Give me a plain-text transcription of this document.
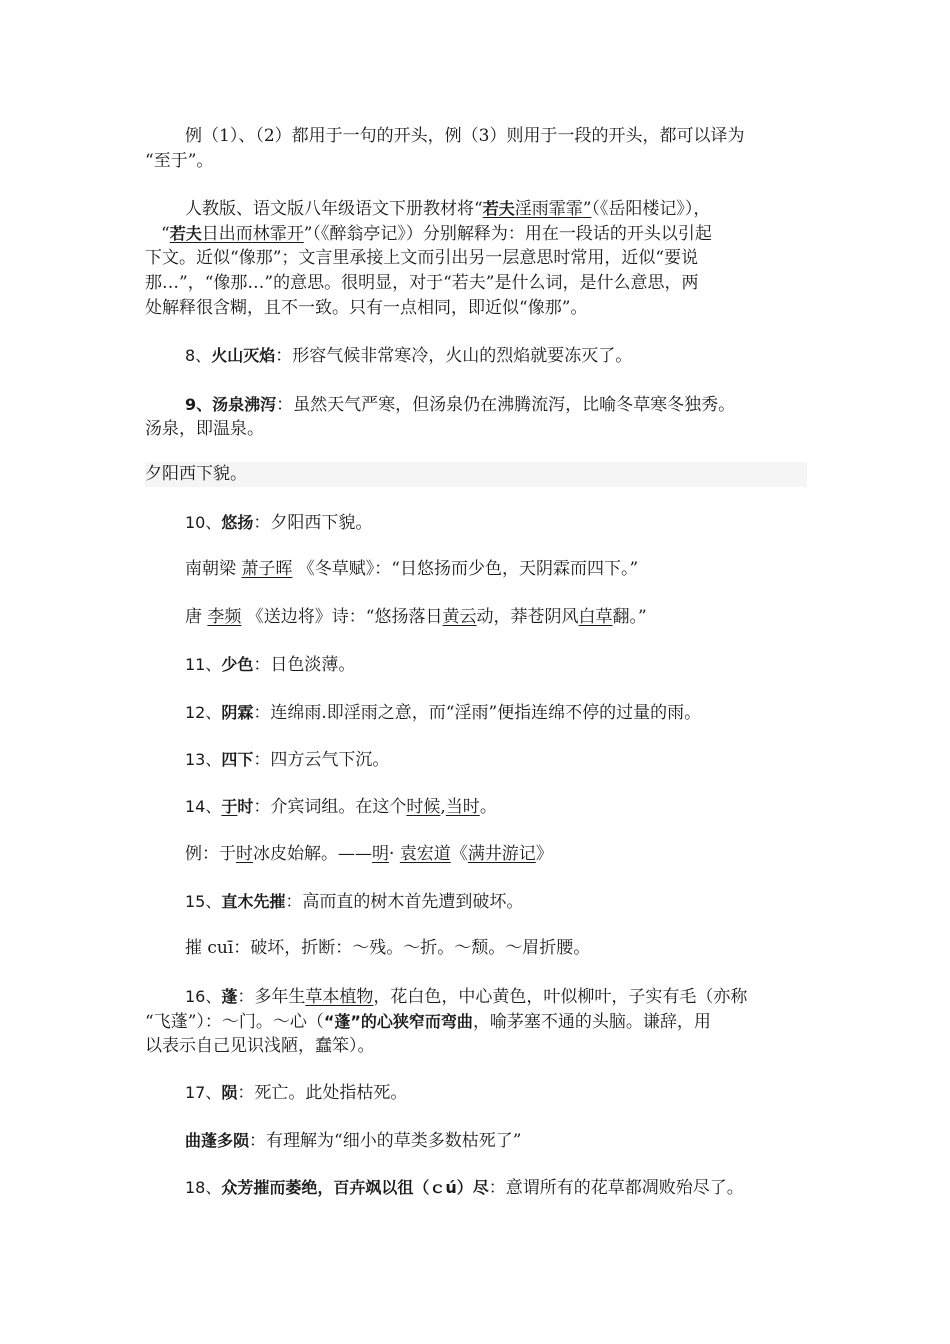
例（1）、（2）都用于一句的开头，例（3）则用于一段的开头，都可以译为
“至于”。
人教版、语文版八年级语文下册教材将“若夫淫雨霏霏”（《岳阳楼记》），
“若夫日出而林霏开”（《醉翁亭记》）分别解释为：用在一段话的开头以引起
下文。近似“像那”；文言里承接上文而引出另一层意思时常用，近似“要说
那…”，“像那…”的意思。很明显，对于“若夫”是什么词，是什么意思，两
处解释很含糊，且不一致。只有一点相同，即近似“像那”。
8、火山灭焰：形容气候非常寒冷，火山的烈焰就要冻灭了。
9、汤泉沸泻：虽然天气严寒，但汤泉仍在沸腾流泻，比喻冬草寒冬独秀。
汤泉，即温泉。
夕阳西下貌。
10、悠扬：夕阳西下貌。
南朝梁 萧子晖 《冬草赋》：“日悠扬而少色，天阴霖而四下。”
唐 李频 《送边将》诗：“悠扬落日黄云动，莽苍阴风白草翻。”
11、少色：日色淡薄。
12、阴霖：连绵雨.即淫雨之意，而“淫雨”便指连绵不停的过量的雨。
13、四下：四方云气下沉。
14、于时：介宾词组。在这个时候,当时。
例：于时冰皮始解。——明· 袁宏道《满井游记》
15、直木先摧：高而直的树木首先遭到破坏。
摧 cuī：破坏，折断：～残。～折。～颓。～眉折腰。
16、蓬：多年生草本植物，花白色，中心黄色，叶似柳叶，子实有毛（亦称
“飞蓬”）：～门。～心（“蓬”的心狭窄而弯曲，喻茅塞不通的头脑。谦辞，用
以表示自己见识浅陋，蠢笨）。
17、陨：死亡。此处指枯死。
曲蓬多陨：有理解为“细小的草类多数枯死了”
18、众芳摧而萎绝，百卉飒以徂（ｃú）尽：意谓所有的花草都凋败殆尽了。
